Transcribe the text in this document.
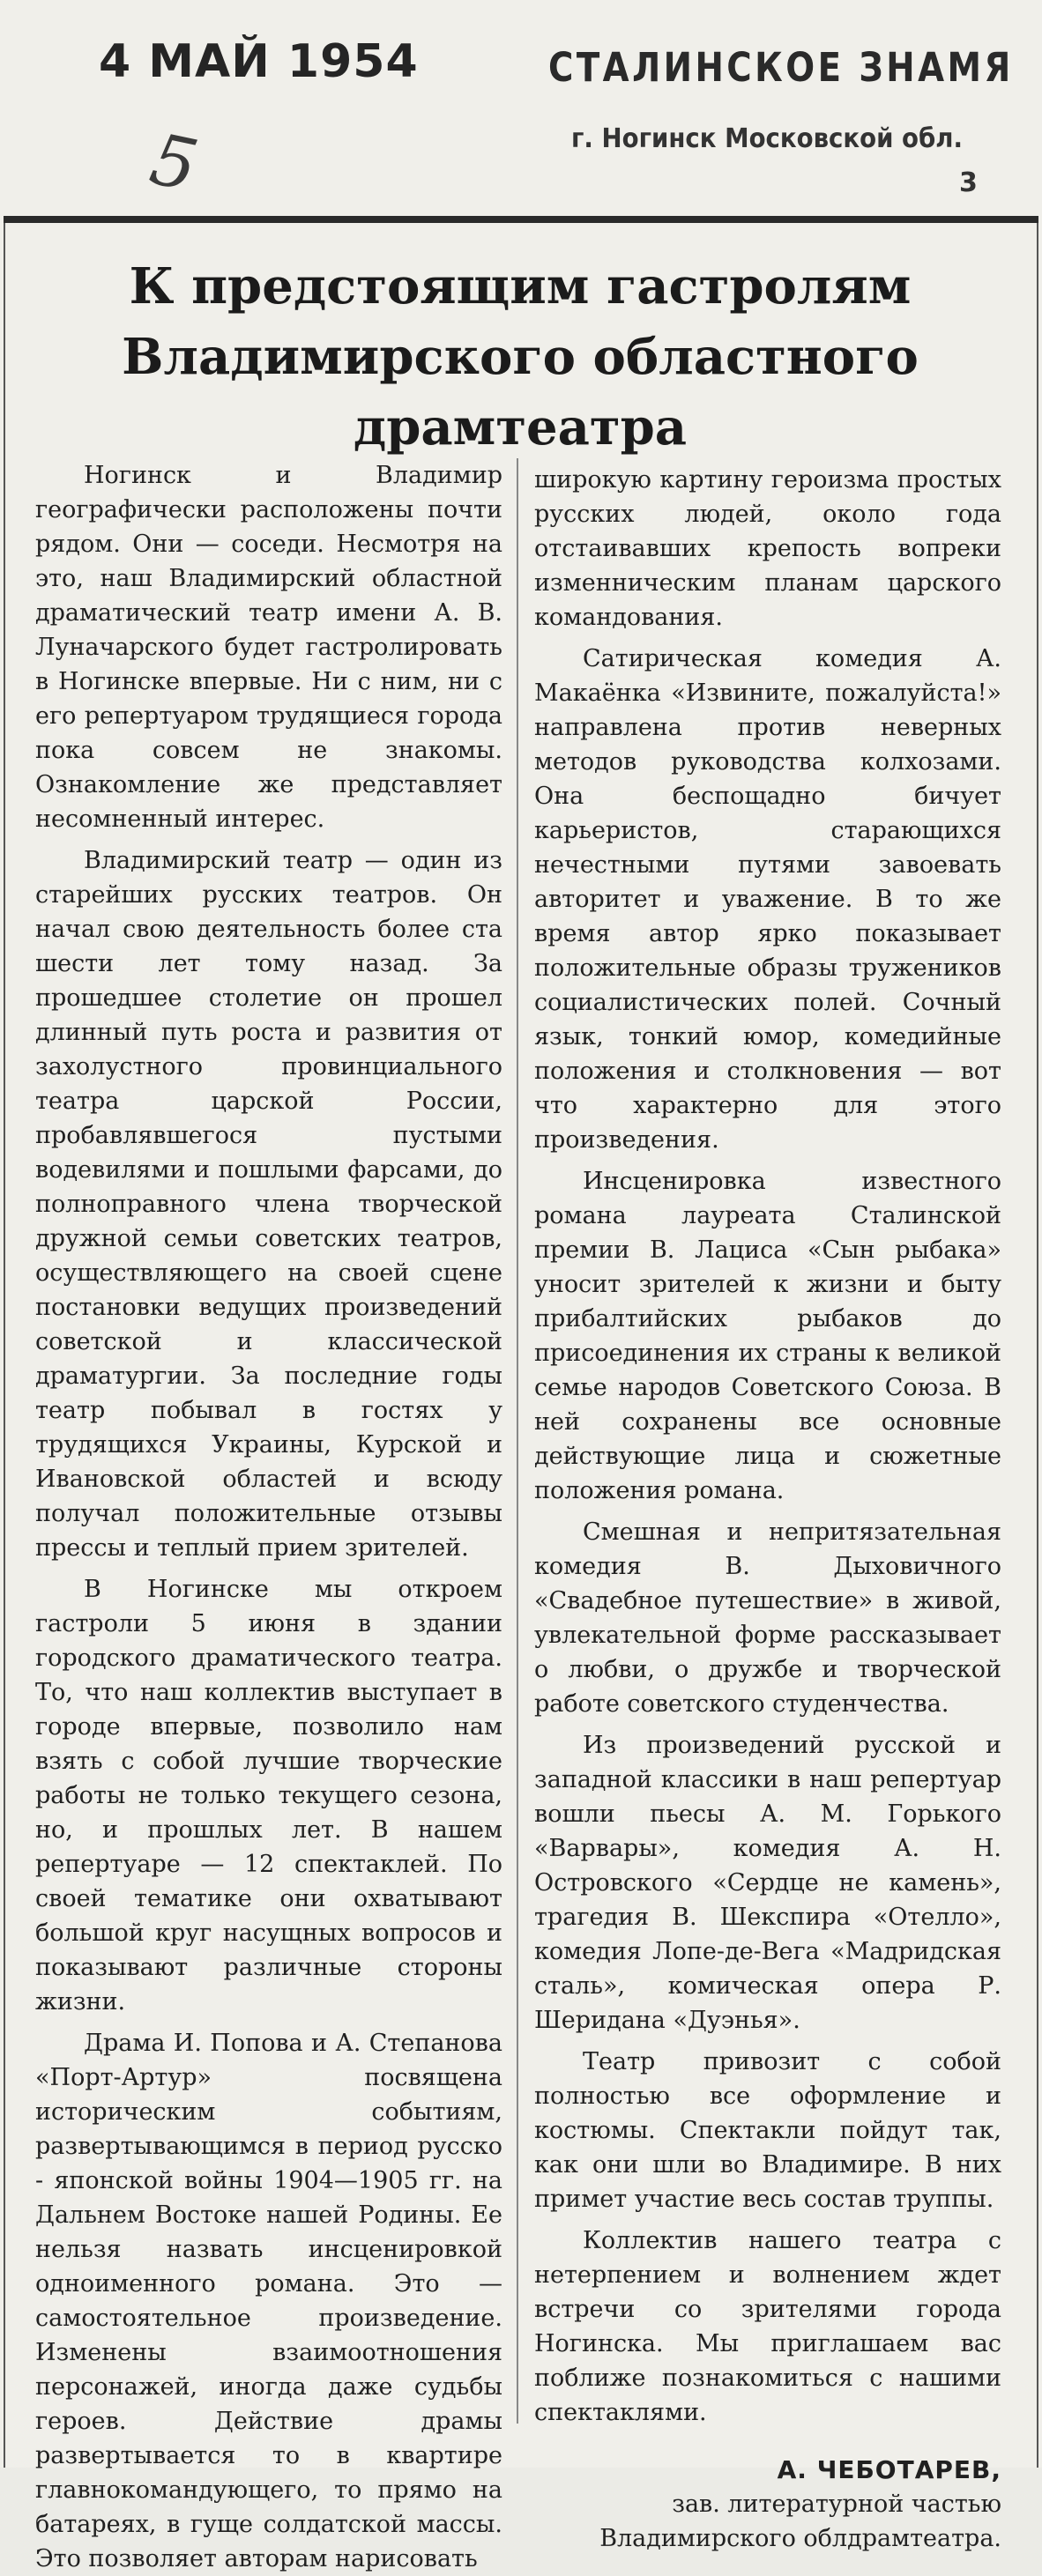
4 МАЙ 1954	СТАЛИНСКОЕ ЗНАМЯ
г. Ногинск Московской обл.
3
5
К предстоящим гастролям Владимирского областного драмтеатра

Ногинск и Владимир географически расположены почти рядом. Они — соседи. Несмотря на это, наш Владимирский областной драматический театр имени А. В. Луначарского будет гастролировать в Ногинске впервые. Ни с ним, ни с его репертуаром трудящиеся города пока совсем не знакомы. Ознакомление же представляет несомненный интерес.

Владимирский театр — один из старейших русских театров. Он начал свою деятельность более ста шести лет тому назад. За прошедшее столетие он прошел длинный путь роста и развития от захолустного провинциального театра царской России, пробавлявшегося пустыми водевилями и пошлыми фарсами, до полноправного члена творческой дружной семьи советских театров, осуществляющего на своей сцене постановки ведущих произведений советской и классической драматургии. За последние годы театр побывал в гостях у трудящихся Украины, Курской и Ивановской областей и всюду получал положительные отзывы прессы и теплый прием зрителей.

В Ногинске мы откроем гастроли 5 июня в здании городского драматического театра. То, что наш коллектив выступает в городе впервые, позволило нам взять с собой лучшие творческие работы не только текущего сезона, но, и прошлых лет. В нашем репертуаре — 12 спектаклей. По своей тематике они охватывают большой круг насущных вопросов и показывают различные стороны жизни.

Драма И. Попова и А. Степанова «Порт-Артур» посвящена историческим событиям, развертывающимся в период русско - японской войны 1904—1905 гг. на Дальнем Востоке нашей Родины. Ее нельзя назвать инсценировкой одноименного романа. Это — самостоятельное произведение. Изменены взаимоотношения персонажей, иногда даже судьбы героев. Действие драмы развертывается то в квартире главнокомандующего, то прямо на батареях, в гуще солдатской массы. Это позволяет авторам нарисовать

широкую картину героизма простых русских людей, около года отстаивавших крепость вопреки изменническим планам царского командования.

Сатирическая комедия А. Макаёнка «Извините, пожалуйста!» направлена против неверных методов руководства колхозами. Она беспощадно бичует карьеристов, старающихся нечестными путями завоевать авторитет и уважение. В то же время автор ярко показывает положительные образы тружеников социалистических полей. Сочный язык, тонкий юмор, комедийные положения и столкновения — вот что характерно для этого произведения.

Инсценировка известного романа лауреата Сталинской премии В. Лациса «Сын рыбака» уносит зрителей к жизни и быту прибалтийских рыбаков до присоединения их страны к великой семье народов Советского Союза. В ней сохранены все основные действующие лица и сюжетные положения романа.

Смешная и непритязательная комедия В. Дыховичного «Свадебное путешествие» в живой, увлекательной форме рассказывает о любви, о дружбе и творческой работе советского студенчества.

Из произведений русской и западной классики в наш репертуар вошли пьесы А. М. Горького «Варвары», комедия А. Н. Островского «Сердце не камень», трагедия В. Шекспира «Отелло», комедия Лопе-де-Вега «Мадридская сталь», комическая опера Р. Шеридана «Дуэнья».

Театр привозит с собой полностью все оформление и костюмы. Спектакли пойдут так, как они шли во Владимире. В них примет участие весь состав труппы.

Коллектив нашего театра с нетерпением и волнением ждет встречи со зрителями города Ногинска. Мы приглашаем вас поближе познакомиться с нашими спектаклями.

А. ЧЕБОТАРЕВ,
зав. литературной частью Владимирского облдрамтеатра.
